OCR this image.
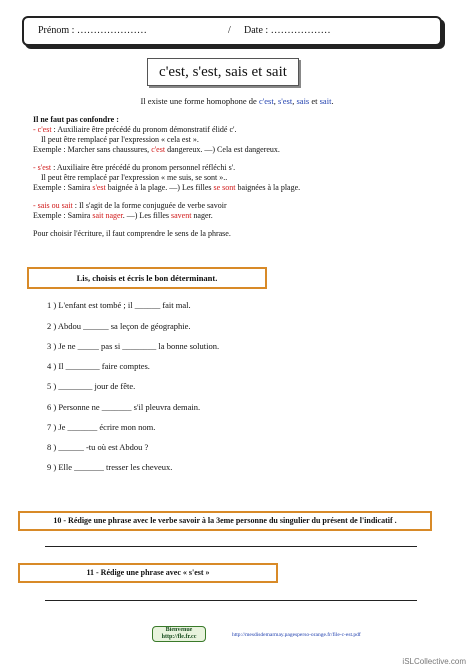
Prénom : …………………	/ Date : ………………
c'est, s'est, sais et sait
Il existe une forme homophone de c'est, s'est, sais et sait.

Il ne faut pas confondre :

- c'est : Auxiliaire être précédé du pronom démonstratif élidé c'.

Il peut être remplacé par l'expression « cela est ».

Exemple : Marcher sans chaussures, c'est dangereux. —) Cela est dangereux.

- s'est : Auxiliaire être précédé du pronom personnel réfléchi s'.

Il peut être remplacé par l'expression « me suis, se sont »..

Exemple : Samira s'est baignée à la plage. —) Les filles se sont baignées à la plage.

- sais ou sait : Il s'agit de la forme conjuguée de verbe savoir

Exemple : Samira sait nager. —) Les filles savent nager.

Pour choisir l'écriture, il faut comprendre le sens de la phrase.

Lis, choisis et écris le bon déterminant.
1 ) L'enfant est tombé ; il ______ fait mal.
2 ) Abdou ______ sa leçon de géographie.
3 ) Je ne _____ pas si ________ la bonne solution.
4 ) Il ________ faire comptes.
5 ) ________ jour de fête.
6 ) Personne ne _______ s'il pleuvra demain.
7 ) Je _______ écrire mon nom.
8 ) ______ -tu où est Abdou ?
9 ) Elle _______ tresser les cheveux.
10 - Rédige une phrase avec le verbe savoir à la 3eme personne du singulier du présent de l'indicatif .
11 - Rédige une phrase avec « s'est »
Bienvenue
http://fle.fr.cc	http://mesdisdemarmay.pagesperso-orange.fr/file-c-est.pdf
iSLCollective.com
